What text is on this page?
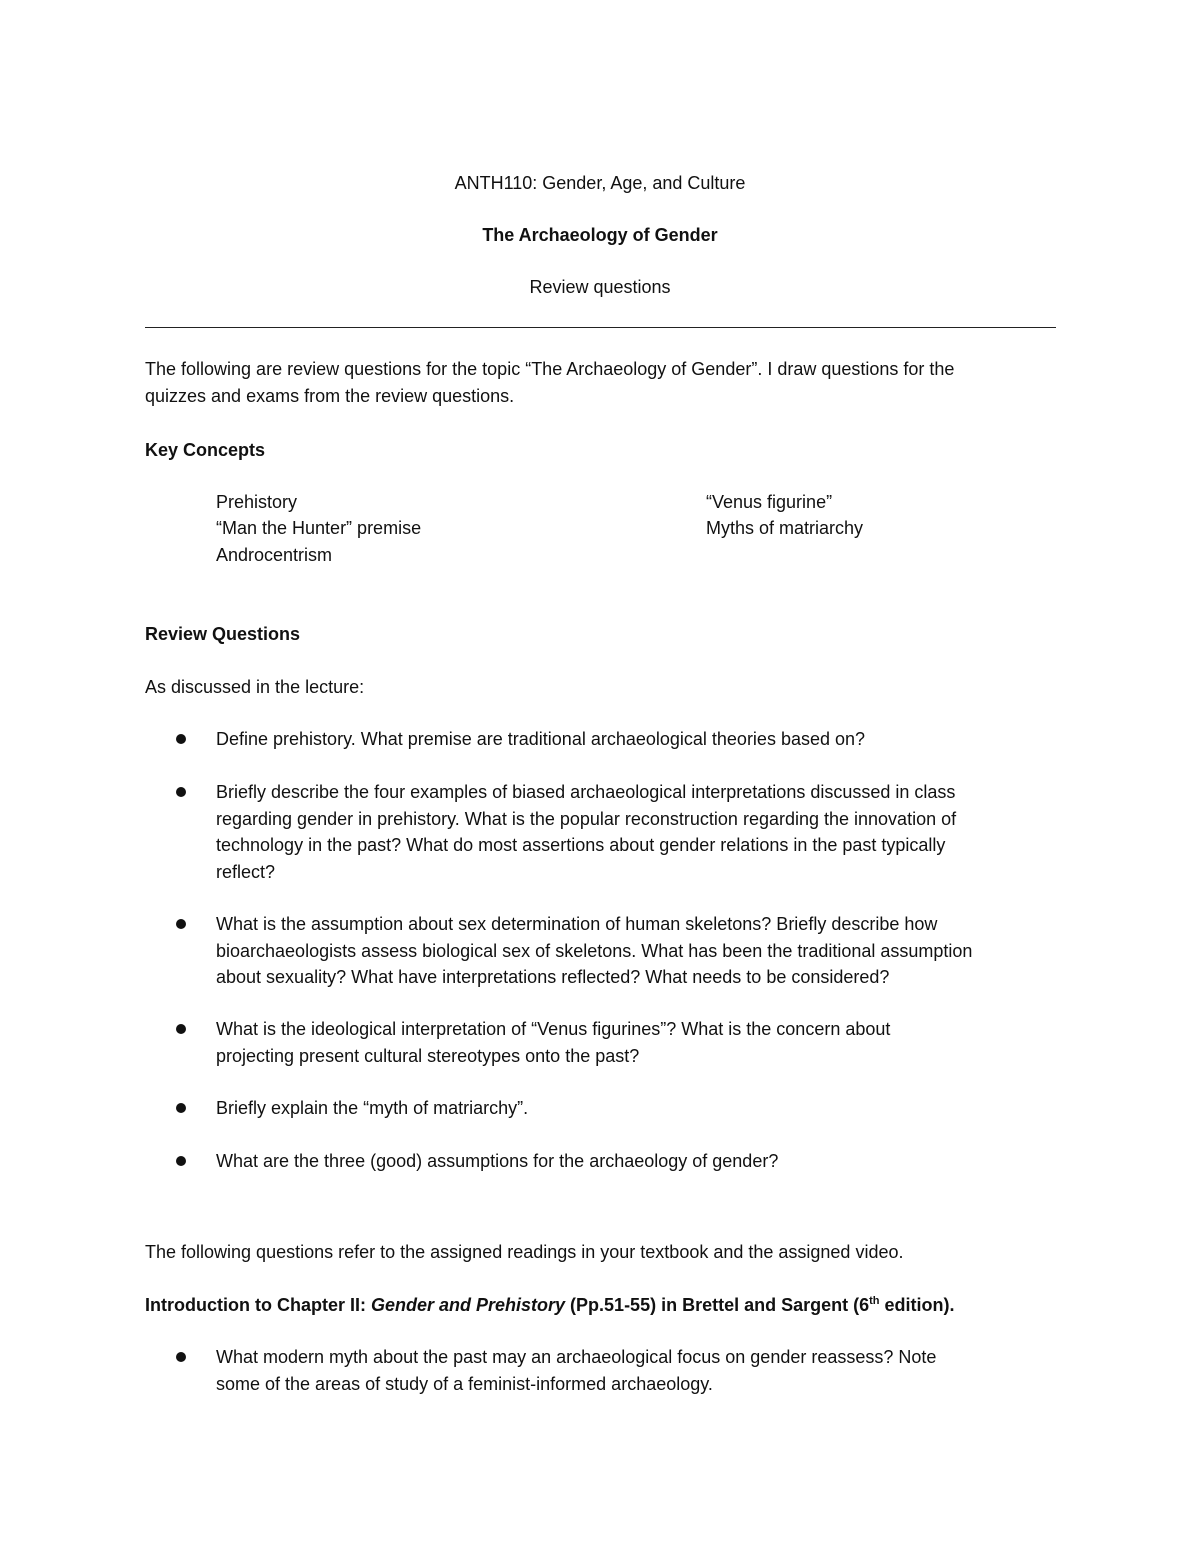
ANTH110: Gender, Age, and Culture
The Archaeology of Gender
Review questions
The following are review questions for the topic “The Archaeology of Gender”. I draw questions for the
quizzes and exams from the review questions.
Key Concepts
Prehistory
“Man the Hunter” premise
Androcentrism
“Venus figurine”
Myths of matriarchy
Review Questions
As discussed in the lecture:
Define prehistory. What premise are traditional archaeological theories based on?
Briefly describe the four examples of biased archaeological interpretations discussed in class
regarding gender in prehistory. What is the popular reconstruction regarding the innovation of
technology in the past? What do most assertions about gender relations in the past typically
reflect?
What is the assumption about sex determination of human skeletons? Briefly describe how
bioarchaeologists assess biological sex of skeletons. What has been the traditional assumption
about sexuality? What have interpretations reflected? What needs to be considered?
What is the ideological interpretation of “Venus figurines”? What is the concern about
projecting present cultural stereotypes onto the past?
Briefly explain the “myth of matriarchy”.
What are the three (good) assumptions for the archaeology of gender?
The following questions refer to the assigned readings in your textbook and the assigned video.
Introduction to Chapter II: Gender and Prehistory (Pp.51-55) in Brettel and Sargent (6th edition).
What modern myth about the past may an archaeological focus on gender reassess? Note
some of the areas of study of a feminist-informed archaeology.
